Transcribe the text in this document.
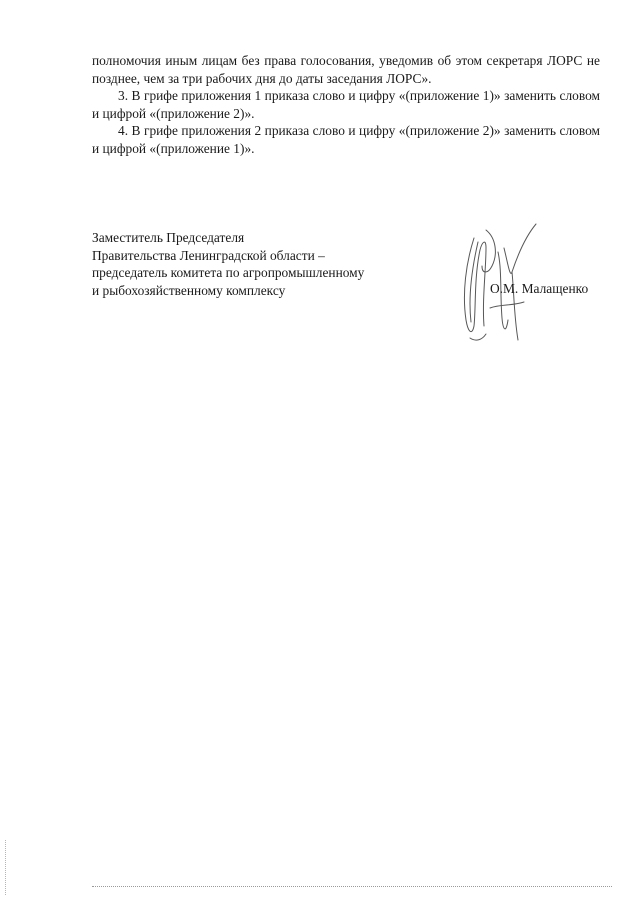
полномочия иным лицам без права голосования, уведомив об этом секретаря ЛОРС не позднее, чем за три рабочих дня до даты заседания ЛОРС».

3. В грифе приложения 1 приказа слово и цифру «(приложение 1)» заменить словом и цифрой «(приложение 2)».

4. В грифе приложения 2 приказа слово и цифру «(приложение 2)» заменить словом и цифрой «(приложение 1)».

Заместитель Председателя
Правительства Ленинградской области –
председатель комитета по агропромышленному
и рыбохозяйственному комплексу	О.М. Малащенко
